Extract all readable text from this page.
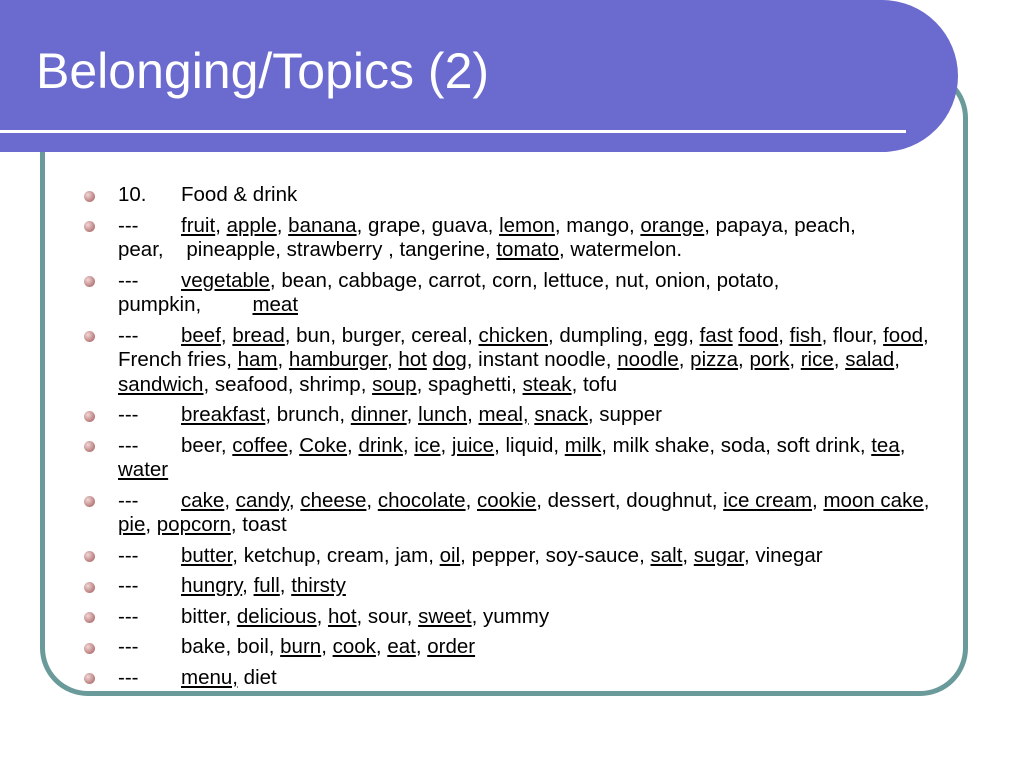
Belonging/Topics (2)
10. Food & drink
--- fruit, apple, banana, grape, guava, lemon, mango, orange, papaya, peach, pear,    pineapple, strawberry , tangerine, tomato, watermelon.
--- vegetable, bean, cabbage, carrot, corn, lettuce, nut, onion, potato, pumpkin,         meat
--- beef, bread, bun, burger, cereal, chicken, dumpling, egg, fast food, fish, flour, food, French fries, ham, hamburger, hot dog, instant noodle, noodle, pizza, pork, rice, salad, sandwich, seafood, shrimp, soup, spaghetti, steak, tofu
--- breakfast, brunch, dinner, lunch, meal, snack, supper
--- beer, coffee, Coke, drink, ice, juice, liquid, milk, milk shake, soda, soft drink, tea, water
--- cake, candy, cheese, chocolate, cookie, dessert, doughnut, ice cream, moon cake, pie, popcorn, toast
--- butter, ketchup, cream, jam, oil, pepper, soy-sauce, salt, sugar, vinegar
--- hungry, full, thirsty
--- bitter, delicious, hot, sour, sweet, yummy
--- bake, boil, burn, cook, eat, order
--- menu, diet
